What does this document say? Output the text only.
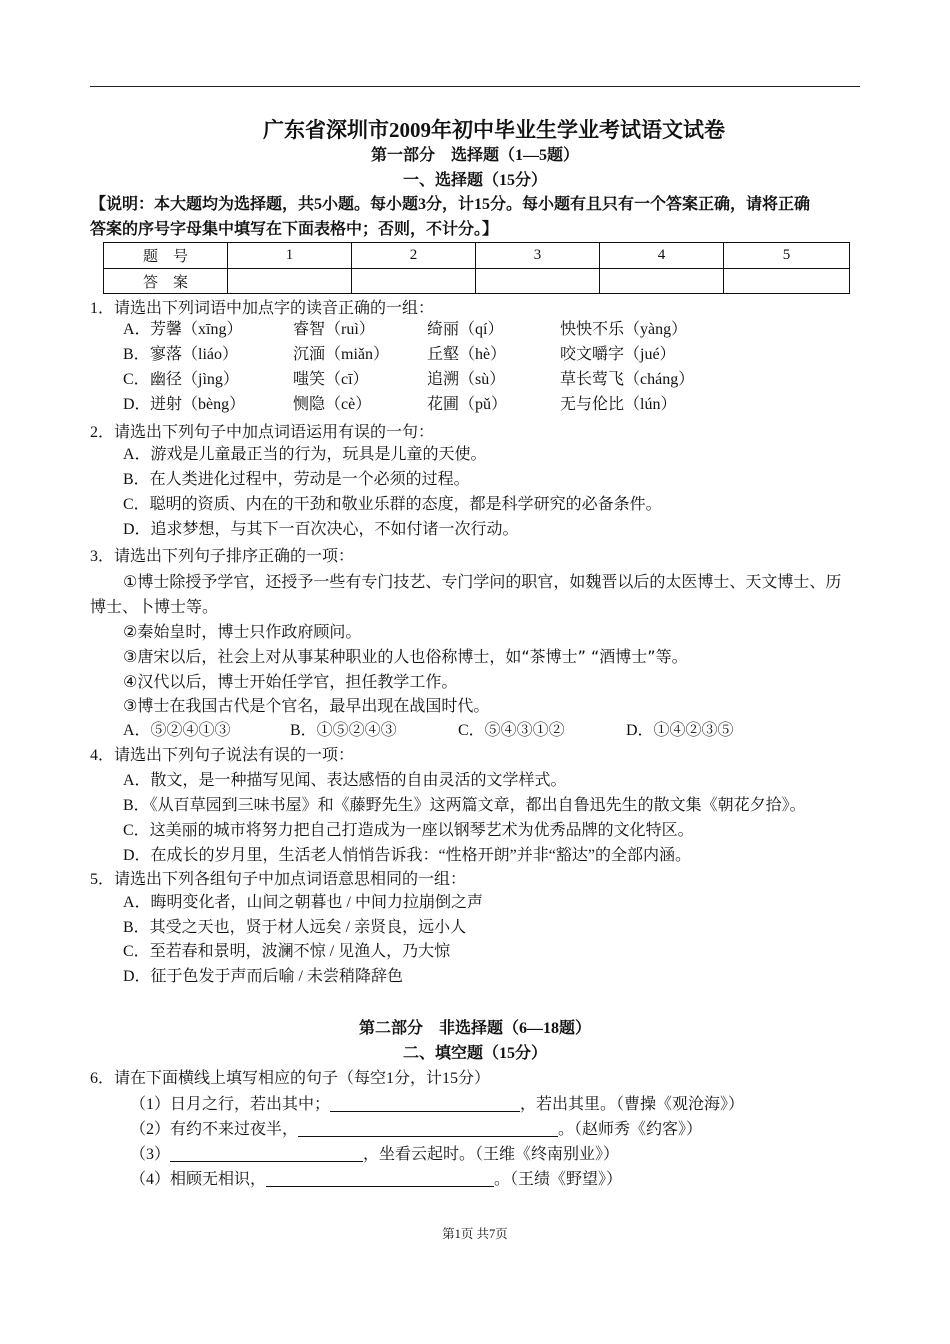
广东省深圳市2009年初中毕业生学业考试语文试卷
第一部分　选择题（1—5题）
一、选择题（15分）
【说明：本大题均为选择题，共5小题。每小题3分，计15分。每小题有且只有一个答案正确，请将正确
答案的序号字母集中填写在下面表格中；否则，不计分。】
题　号	1	2	3	4	5
答　案					
1．请选出下列词语中加点字的读音正确的一组：
A． 芳馨（xīng）	睿智（ruì）	绮丽（qí）	怏怏不乐（yàng）
B． 寥落（liáo）	沉湎（miǎn） 丘壑（hè）	咬文嚼字（jué）
C． 幽径（jìng）	嗤笑（cī）	追溯（sù）	草长莺飞（cháng）
D． 迸射（bèng）	恻隐（cè）	花圃（pǔ）	无与伦比（lún）
2．请选出下列句子中加点词语运用有误的一句：
A．游戏是儿童最正当的行为，玩具是儿童的天使。
B．在人类进化过程中，劳动是一个必须的过程。
C．聪明的资质、内在的干劲和敬业乐群的态度，都是科学研究的必备条件。
D．追求梦想，与其下一百次决心，不如付诸一次行动。
3．请选出下列句子排序正确的一项：
①博士除授予学官，还授予一些有专门技艺、专门学问的职官，如魏晋以后的太医博士、天文博士、历
博士、卜博士等。
②秦始皇时，博士只作政府顾问。
③唐宋以后，社会上对从事某种职业的人也俗称博士，如“茶博士” “酒博士”等。
④汉代以后，博士开始任学官，担任教学工作。
③博士在我国古代是个官名，最早出现在战国时代。
A．⑤②④①③	B．①⑤②④③	C．⑤④③①②	D．①④②③⑤
4．请选出下列句子说法有误的一项：
A．散文，是一种描写见闻、表达感悟的自由灵活的文学样式。
B．《从百草园到三味书屋》和《藤野先生》这两篇文章，都出自鲁迅先生的散文集《朝花夕拾》。
C．这美丽的城市将努力把自己打造成为一座以钢琴艺术为优秀品牌的文化特区。
D．在成长的岁月里，生活老人悄悄告诉我：“性格开朗”并非“豁达”的全部内涵。
5．请选出下列各组句子中加点词语意思相同的一组：
A．晦明变化者，山间之朝暮也 / 中间力拉崩倒之声
B．其受之天也，贤于材人远矣 / 亲贤良，远小人
C．至若春和景明，波澜不惊 / 见渔人，乃大惊
D．征于色发于声而后喻 / 未尝稍降辞色
第二部分　非选择题（6—18题）
二、填空题（15分）
6．请在下面横线上填写相应的句子（每空1分，计15分）
（1）日月之行，若出其中；	，若出其里。（曹操《观沧海》）
（2）有约不来过夜半，	。（赵师秀《约客》）
（3）	，坐看云起时。（王维《终南别业》）
（4）相顾无相识，	。（王绩《野望》）
第1页 共7页
